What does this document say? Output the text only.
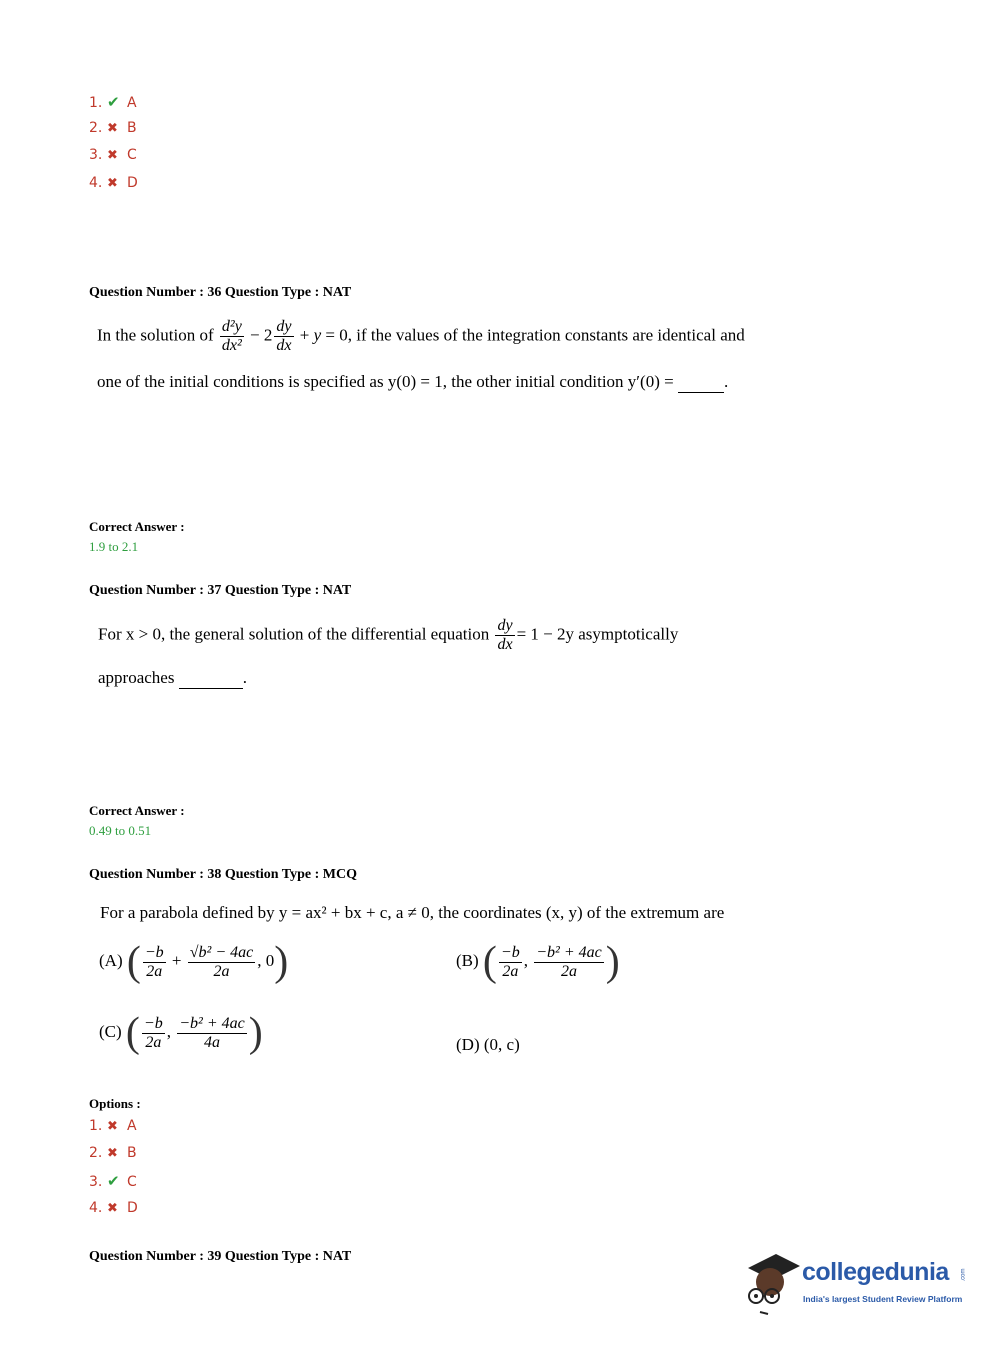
1. ✔ A
2. ✖ B
3. ✖ C
4. ✖ D
Question Number : 36 Question Type : NAT
In the solution of $\frac{\text{d²y}}{\text{dx²}} - 2 \frac{dy}{dx} + y = 0$, if the values of the integration constants are identical and
one of the initial conditions is specified as y(0) = 1, the other initial condition y′(0) =	.
Correct Answer :
1.9 to 2.1
Question Number : 37 Question Type : NAT
For x > 0, the general solution of the differential equation $\frac{dy}{dx} = 1 - 2y$ asymptotically
approaches	.
Correct Answer :
0.49 to 0.51
Question Number : 38 Question Type : MCQ
For a parabola defined by y = ax² + bx + c, a ≠ 0, the coordinates (x, y) of the extremum are
(A) ( $\frac{-b}{2a} + \frac{\text{√b² − 4ac}}{2a}$ , 0)	(B) ( $\frac{-b}{2a}$ , $\frac{\text{−b² + 4ac}}{2a}$ )
(C) ( $\frac{-b}{2a}$ , $\frac{\text{−b² + 4ac}}{4a}$ )	(D) (0, c)
Options :
1. ✖ A
2. ✖ B
3. ✔ C
4. ✖ D
Question Number : 39 Question Type : NAT
collegedunia .com
India's largest Student Review Platform
